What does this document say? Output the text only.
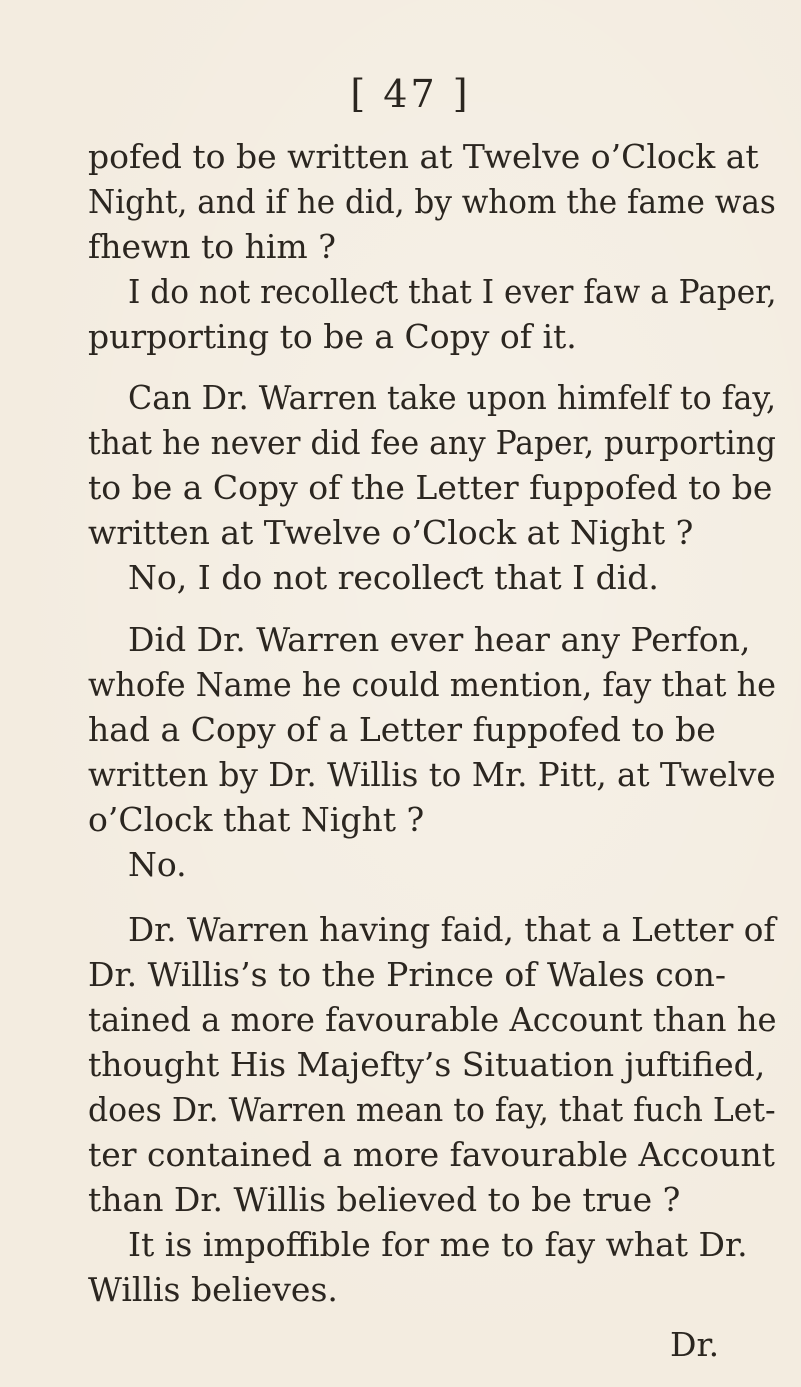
[ 47 ]
pofed to be written at Twelve o’Clock at
Night, and if he did, by whom the fame was
fhewn to him ?
I do not recolleƈt that I ever faw a Paper,
purporting to be a Copy of it.
Can Dr. Warren take upon himfelf to fay,
that he never did fee any Paper, purporting
to be a Copy of the Letter fuppofed to be
written at Twelve o’Clock at Night ?
No, I do not recolleƈt that I did.
Did Dr. Warren ever hear any Perfon,
whofe Name he could mention, fay that he
had a Copy of a Letter fuppofed to be
written by Dr. Willis to Mr. Pitt, at Twelve
o’Clock that Night ?
No.
Dr. Warren having faid, that a Letter of
Dr. Willis’s to the Prince of Wales con-
tained a more favourable Account than he
thought His Majefty’s Situation juftified,
does Dr. Warren mean to fay, that fuch Let-
ter contained a more favourable Account
than Dr. Willis believed to be true ?
It is impoffible for me to fay what Dr.
Willis believes.
Dr.
